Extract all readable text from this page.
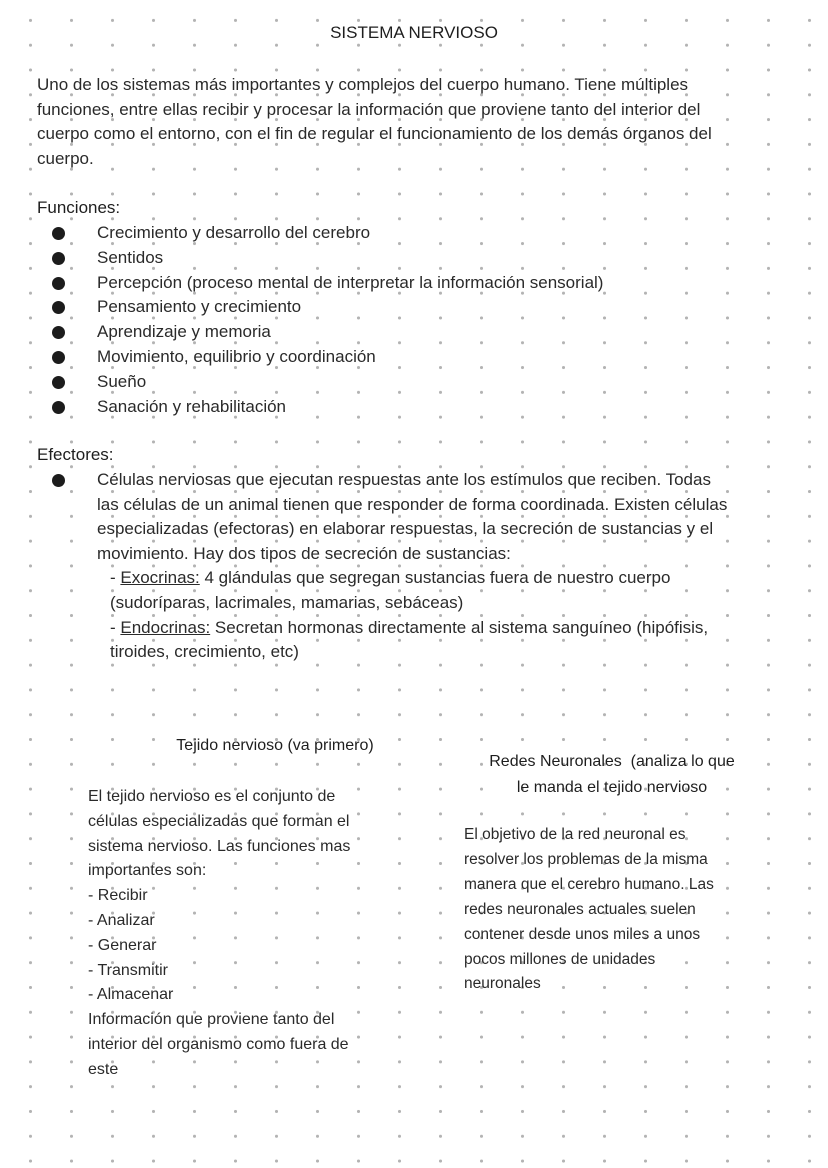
SISTEMA NERVIOSO
Uno de los sistemas más importantes y complejos del cuerpo humano. Tiene múltiples
funciones, entre ellas recibir y procesar la información que proviene tanto del interior del
cuerpo como el entorno, con el fin de regular el funcionamiento de los demás órganos del
cuerpo.
Funciones:
Crecimiento y desarrollo del cerebro
Sentidos
Percepción (proceso mental de interpretar la información sensorial)
Pensamiento y crecimiento
Aprendizaje y memoria
Movimiento, equilibrio y coordinación
Sueño
Sanación y rehabilitación
Efectores:
Células nerviosas que ejecutan respuestas ante los estímulos que reciben. Todas
las células de un animal tienen que responder de forma coordinada. Existen células
especializadas (efectoras) en elaborar respuestas, la secreción de sustancias y el
movimiento. Hay dos tipos de secreción de sustancias:
- Exocrinas: 4 glándulas que segregan sustancias fuera de nuestro cuerpo
(sudoríparas, lacrimales, mamarias, sebáceas)
- Endocrinas: Secretan hormonas directamente al sistema sanguíneo (hipófisis,
tiroides, crecimiento, etc)
Tejido nervioso (va primero)
El tejido nervioso es el conjunto de
células especializadas que forman el
sistema nervioso. Las funciones mas
importantes son:
- Recibir
- Analizar
- Generar
- Transmitir
- Almacenar
Información que proviene tanto del
interior del organismo como fuera de
este
Redes Neuronales  (analiza lo que
le manda el tejido nervioso
El objetivo de la red neuronal es
resolver los problemas de la misma
manera que el cerebro humano. Las
redes neuronales actuales suelen
contener desde unos miles a unos
pocos millones de unidades
neuronales
